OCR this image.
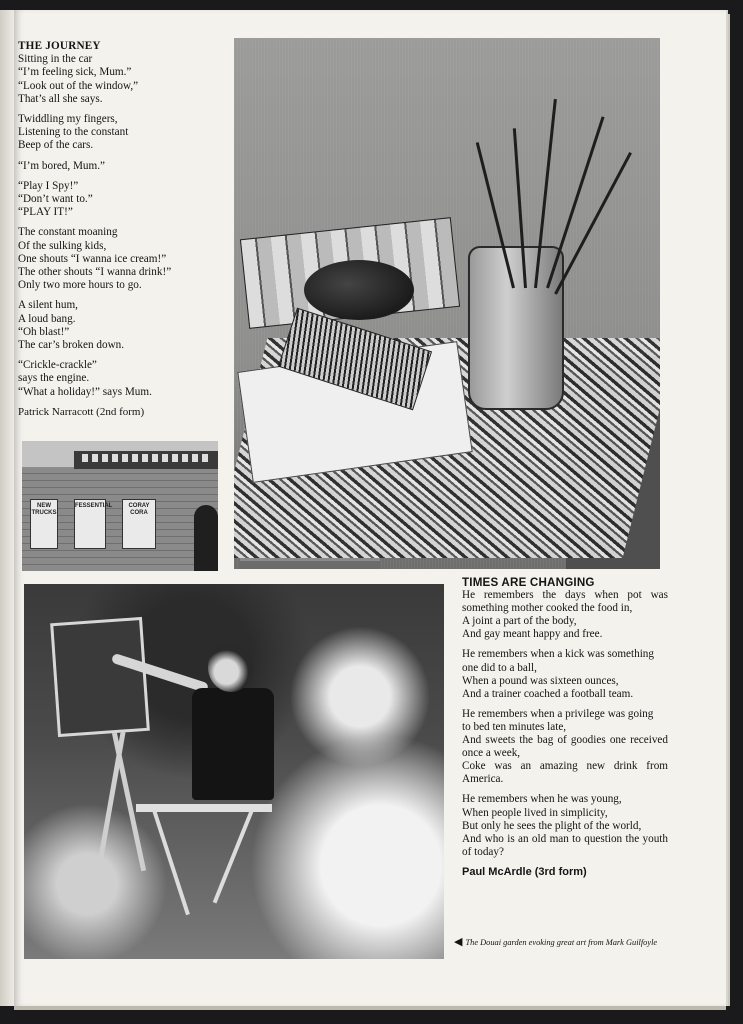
THE JOURNEY
Sitting in the car
“I’m feeling sick, Mum.”
“Look out of the window,”
That’s all she says.
Twiddling my fingers,
Listening to the constant
Beep of the cars.
“I’m bored, Mum.”
“Play I Spy!”
“Don’t want to.”
“PLAY IT!”
The constant moaning
Of the sulking kids,
One shouts “I wanna ice cream!”
The other shouts “I wanna drink!”
Only two more hours to go.
A silent hum,
A loud bang.
“Oh blast!”
The car’s broken down.
“Crickle-crackle”
says the engine.
“What a holiday!” says Mum.
Patrick Narracott (2nd form)
NEW TRUCKS
FESSENTIAL	CORAY CORA
TIMES ARE CHANGING
He remembers the days when pot was something mother cooked the food in,
A joint a part of the body,
And gay meant happy and free.
He remembers when a kick was something
one did to a ball,
When a pound was sixteen ounces,
And a trainer coached a football team.
He remembers when a privilege was going
to bed ten minutes late,
And sweets the bag of goodies one received once a week,
Coke was an amazing new drink from America.
He remembers when he was young,
When people lived in simplicity,
But only he sees the plight of the world,
And who is an old man to question the youth of today?
Paul McArdle (3rd form)
◀ The Douai garden evoking great art from Mark Guilfoyle
